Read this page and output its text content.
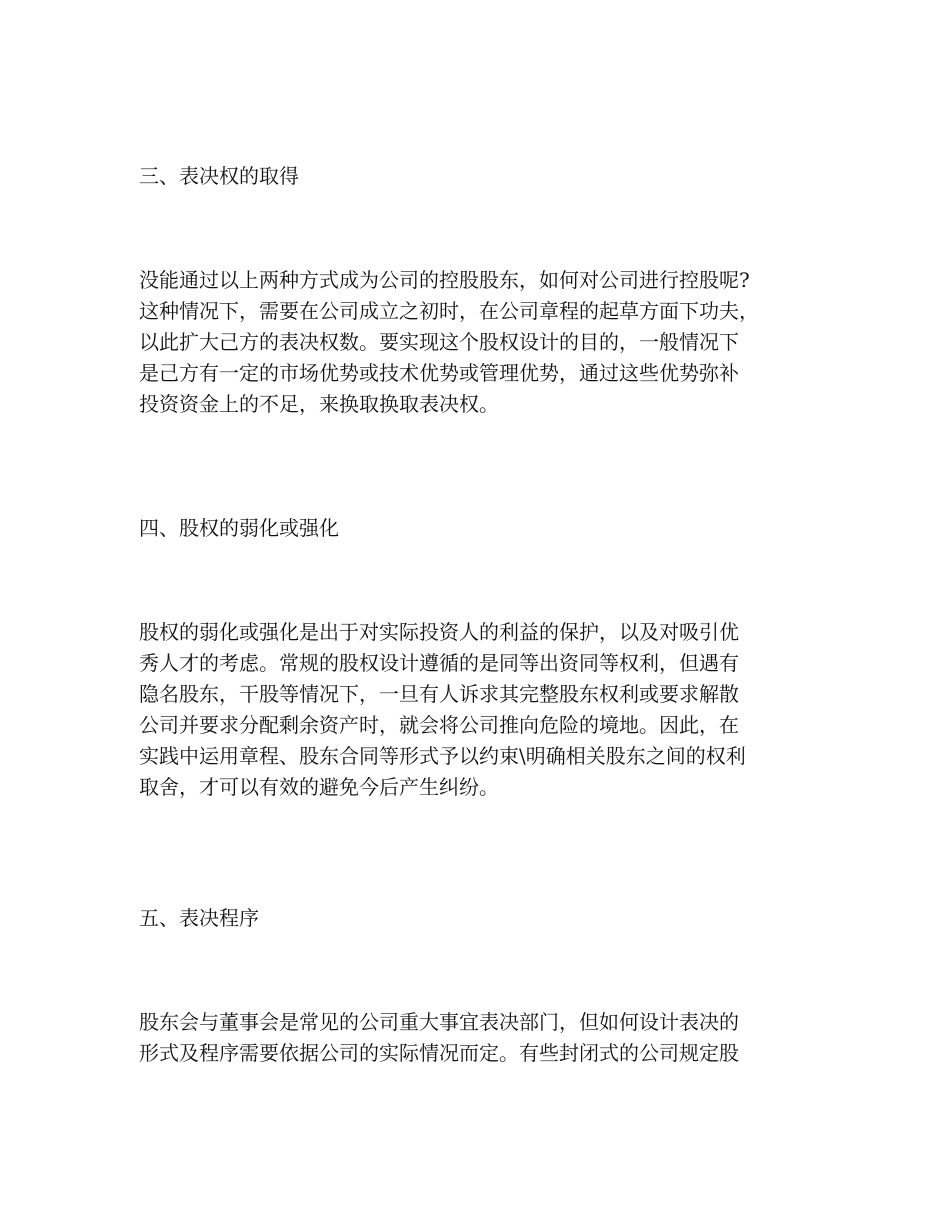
三、表决权的取得
没能通过以上两种方式成为公司的控股股东，如何对公司进行控股呢?
这种情况下，需要在公司成立之初时，在公司章程的起草方面下功夫，
以此扩大己方的表决权数。要实现这个股权设计的目的，一般情况下
是己方有一定的市场优势或技术优势或管理优势，通过这些优势弥补
投资资金上的不足，来换取换取表决权。
四、股权的弱化或强化
股权的弱化或强化是出于对实际投资人的利益的保护，以及对吸引优
秀人才的考虑。常规的股权设计遵循的是同等出资同等权利，但遇有
隐名股东，干股等情况下，一旦有人诉求其完整股东权利或要求解散
公司并要求分配剩余资产时，就会将公司推向危险的境地。因此，在
实践中运用章程、股东合同等形式予以约束\明确相关股东之间的权利
取舍，才可以有效的避免今后产生纠纷。
五、表决程序
股东会与董事会是常见的公司重大事宜表决部门，但如何设计表决的
形式及程序需要依据公司的实际情况而定。有些封闭式的公司规定股
